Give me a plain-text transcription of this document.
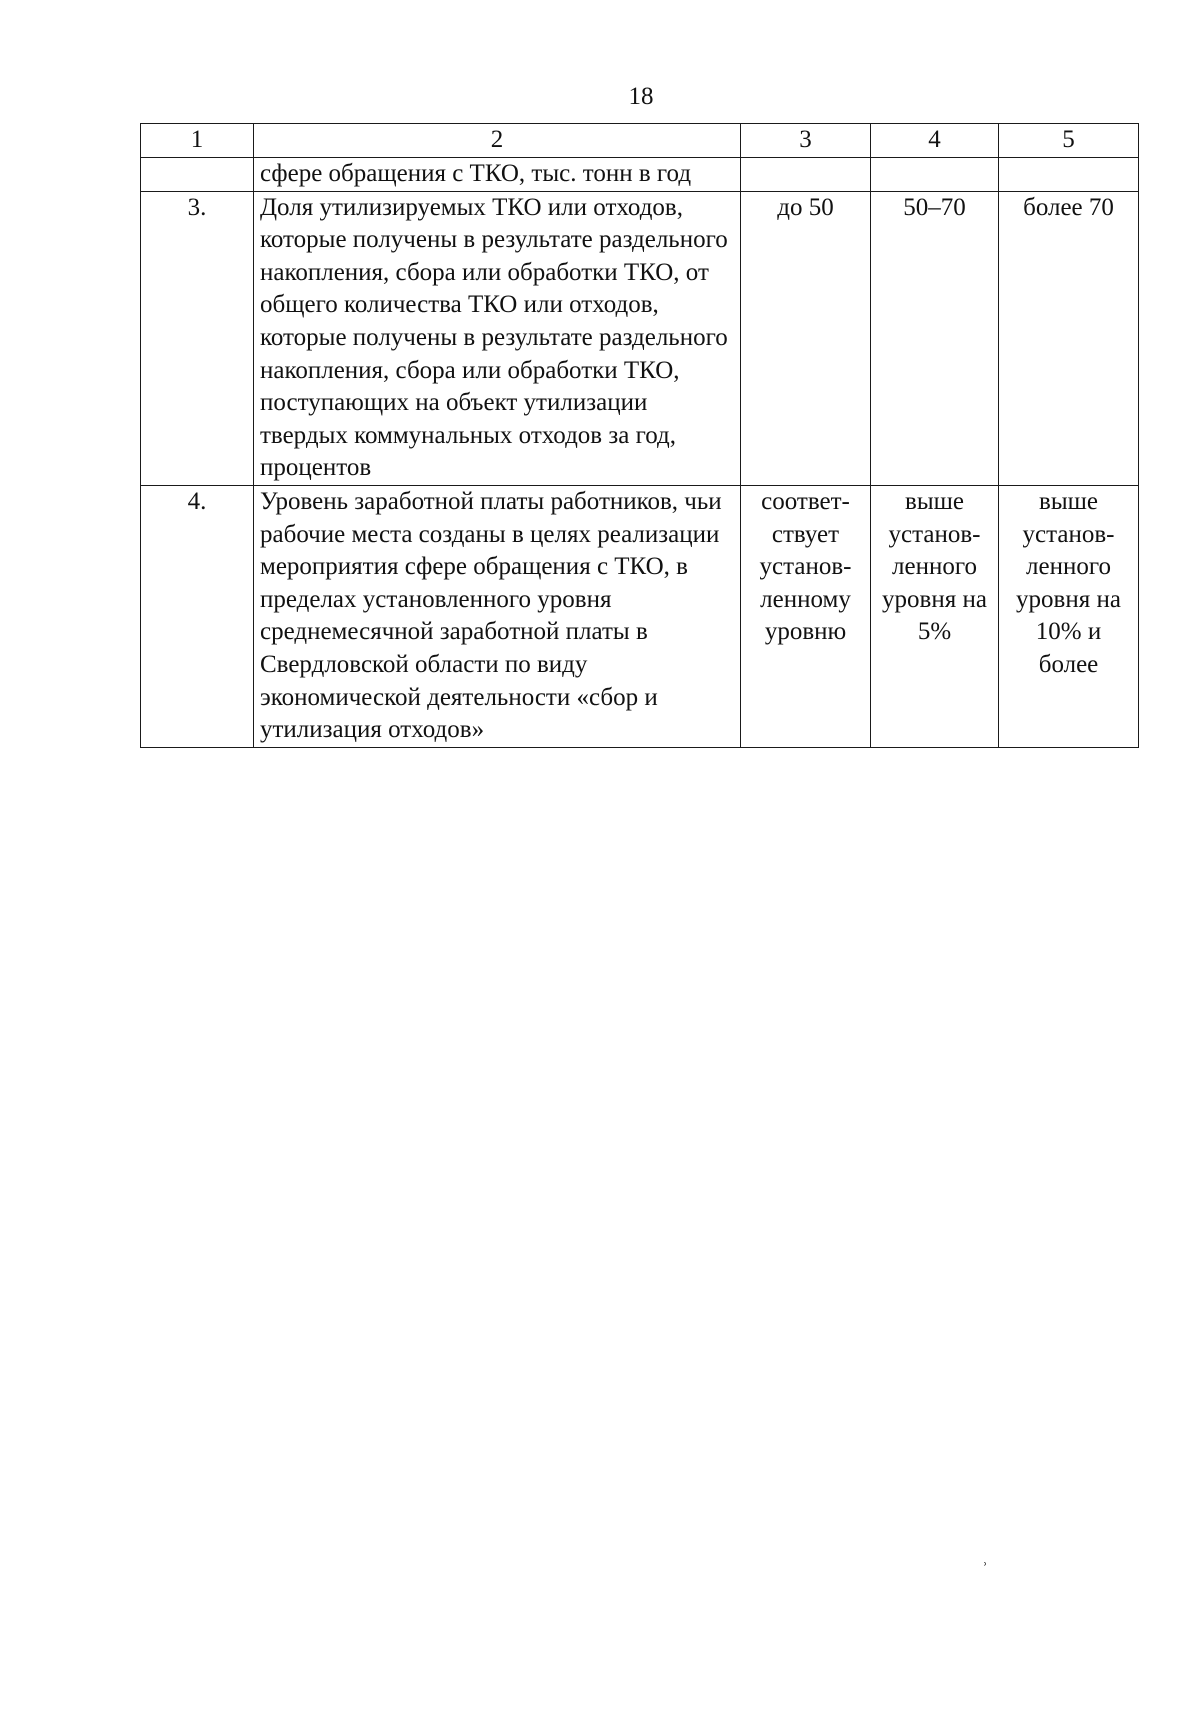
18
1	2	3	4	5
	сфере обращения с ТКО, тыс. тонн в год			
3.	Доля утилизируемых ТКО или отходов, которые получены в результате раздельного накопления, сбора или обработки ТКО, от общего количества ТКО или отходов, которые получены в результате раздельного накопления, сбора или обработки ТКО, поступающих на объект утилизации твердых коммунальных отходов за год, процентов	до 50	50–70	более 70
4.	Уровень заработной платы работников, чьи рабочие места созданы в целях реализации мероприятия сфере обращения с ТКО, в пределах установленного уровня среднемесячной заработной платы в Свердловской области по виду экономической деятельности «сбор и утилизация отходов»	соответ-ствует установ-ленному уровню	выше установ-ленного уровня на 5%	выше установ-ленного уровня на 10% и более
ʾ
